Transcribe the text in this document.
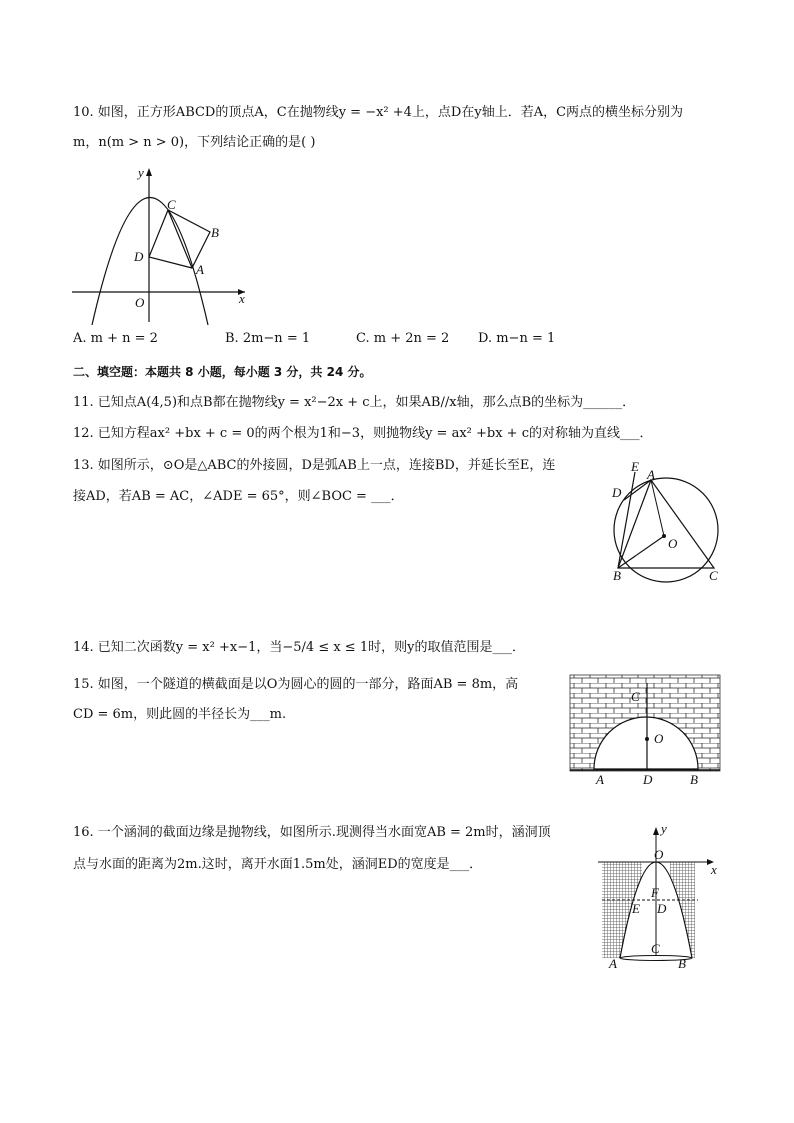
10. 如图，正方形ABCD的顶点A，C在抛物线y = −x² +4上，点D在y轴上．若A，C两点的横坐标分别为
m，n(m > n > 0)，下列结论正确的是( )
y
x
O
C
B
D
A
A. m + n = 2	B. 2m−n = 1	C. m + 2n = 2 D. m−n = 1
二、填空题：本题共 8 小题，每小题 3 分，共 24 分。
11. 已知点A(4,5)和点B都在抛物线y = x²−2x + c上，如果AB//x轴，那么点B的坐标为______．
12. 已知方程ax² +bx + c = 0的两个根为1和−3，则抛物线y = ax² +bx + c的对称轴为直线___．
13. 如图所示，⊙O是△ABC的外接圆，D是弧AB上一点，连接BD，并延长至E，连
接AD，若AB = AC，∠ADE = 65°，则∠BOC = ___．
E
A
D
O
B	C
14. 已知二次函数y = x² +x−1，当−5/4 ≤ x ≤ 1时，则y的取值范围是___．
15. 如图，一个隧道的横截面是以O为圆心的圆的一部分，路面AB = 8m，高
CD = 6m，则此圆的半径长为___m.
C
O
A	D	B
16. 一个涵洞的截面边缘是抛物线，如图所示.现测得当水面宽AB = 2m时，涵洞顶
点与水面的距离为2m.这时，离开水面1.5m处，涵洞ED的宽度是___．
y
x
O
F
E D
C
A	B
